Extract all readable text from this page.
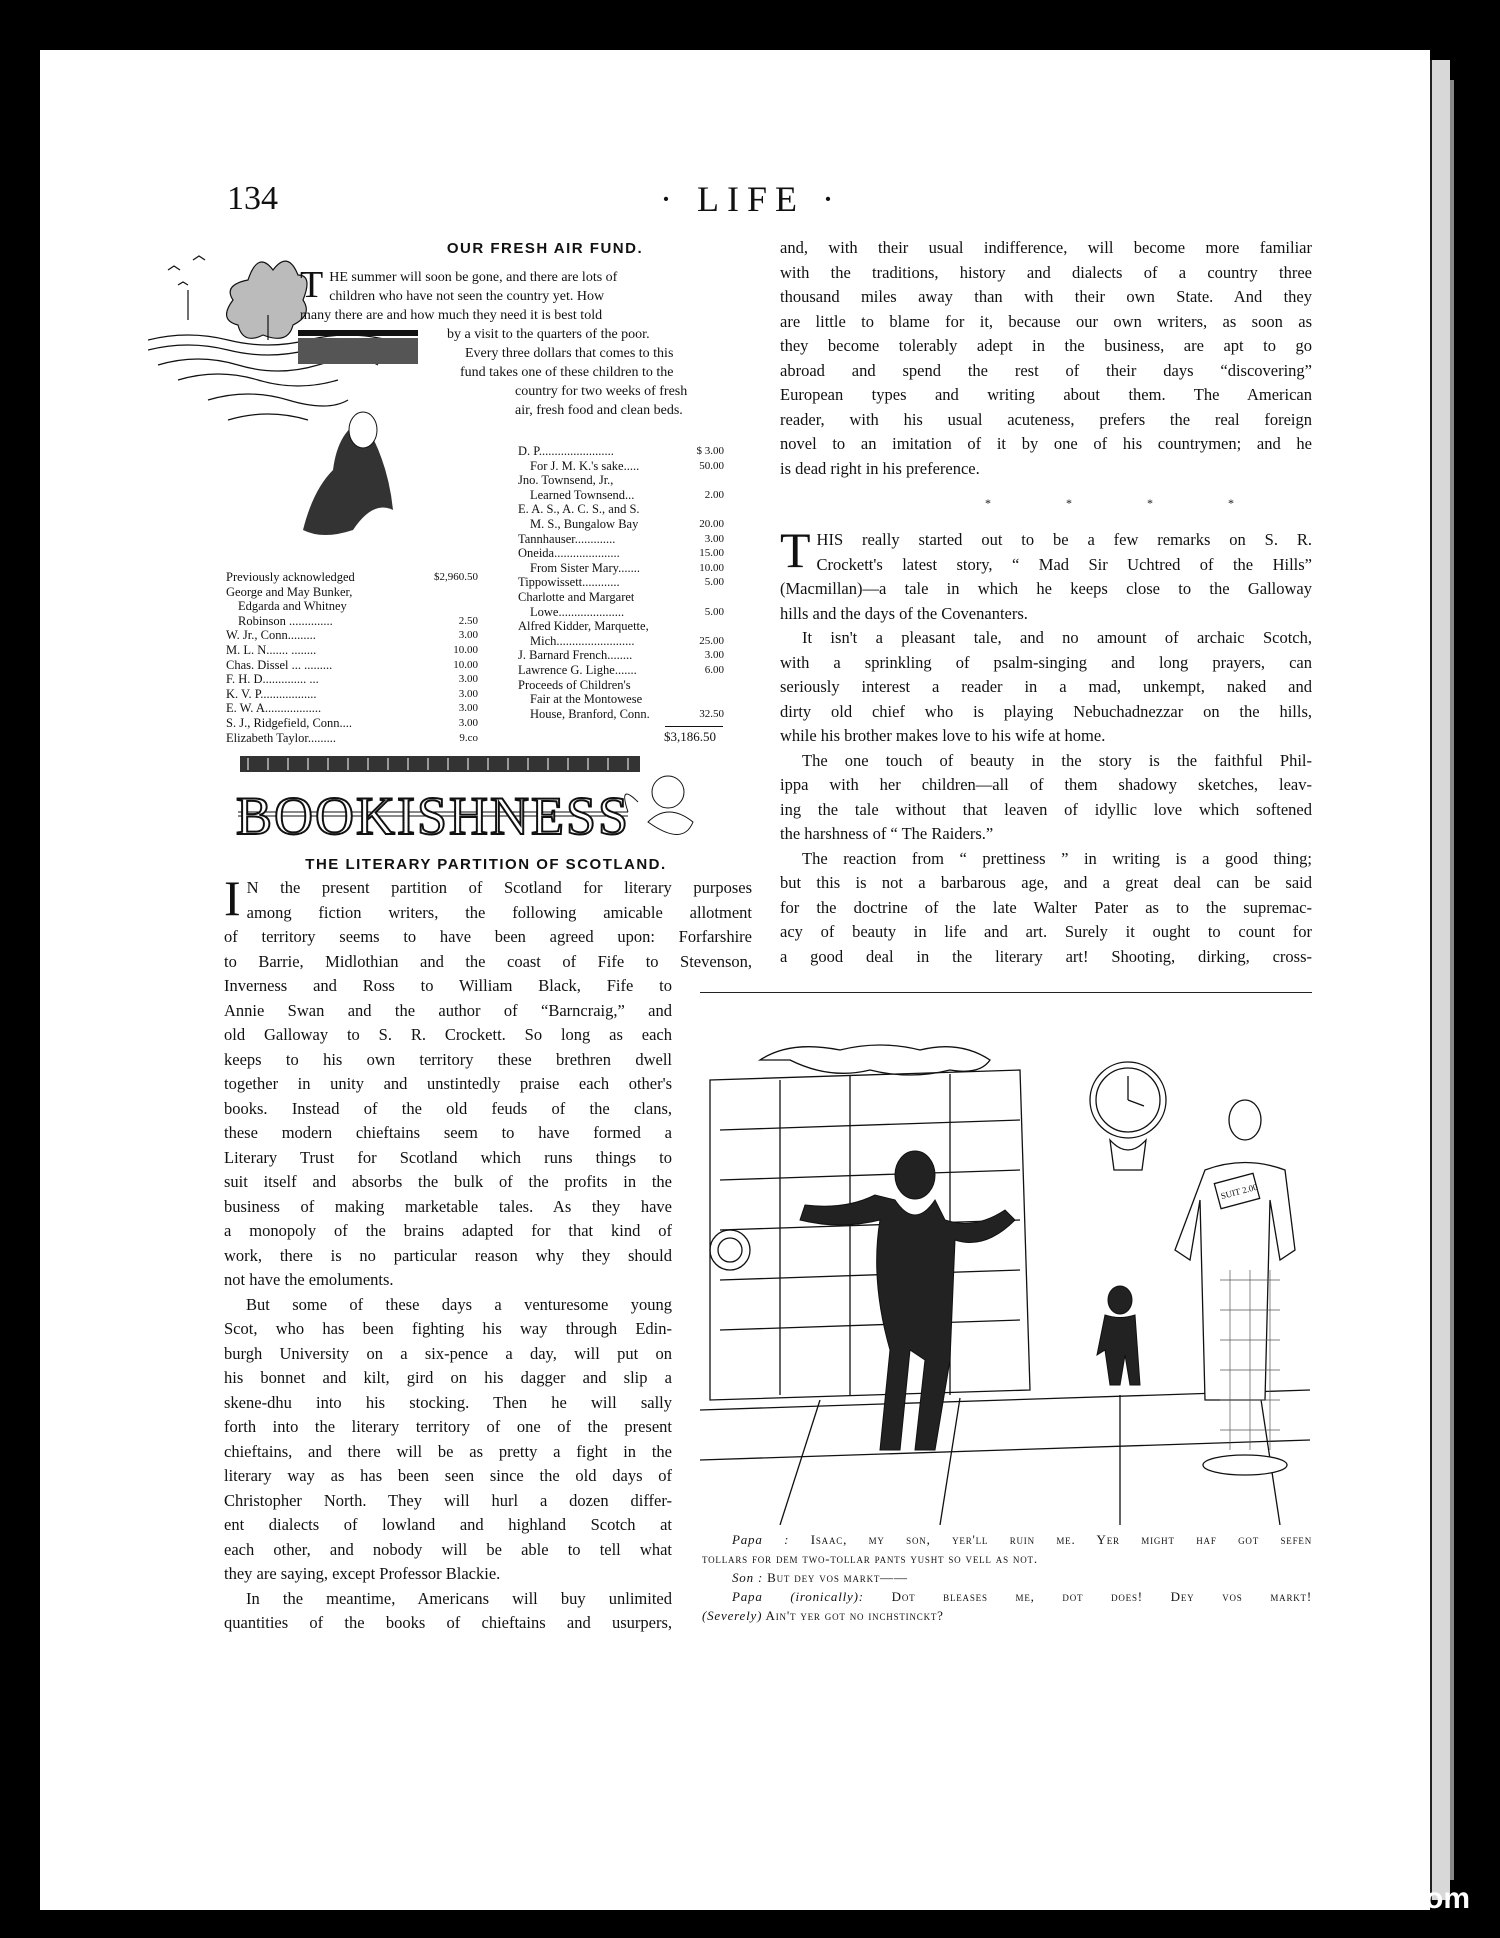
134	· LIFE ·
OUR FRESH AIR FUND.
T HE summer will soon be gone, and there are lots of
children who have not seen the country yet. How
many there are and how much they need it is best told
by a visit to the quarters of the poor.
Every three dollars that comes to this
fund takes one of these children to the
country for two weeks of fresh
air, fresh food and clean beds.
Previously acknowledged	$2,960.50
George and May Bunker,
Edgarda and Whitney
Robinson ..............	2.50
W. Jr., Conn.........	3.00
M. L. N....... ........	10.00
Chas. Dissel ... .........	10.00
F. H. D.............. ...	3.00
K. V. P..................	3.00
E. W. A..................	3.00
S. J., Ridgefield, Conn....	3.00
Elizabeth Taylor.........	9.co
D. P........................	$ 3.00
For J. M. K.'s sake.....	50.00
Jno. Townsend, Jr.,
Learned Townsend...	2.00
E. A. S., A. C. S., and S.
M. S., Bungalow Bay	20.00
Tannhauser.............	3.00
Oneida.....................	15.00
From Sister Mary.......	10.00
Tippowissett............	5.00
Charlotte and Margaret
Lowe.....................	5.00
Alfred Kidder, Marquette,
Mich.........................	25.00
J. Barnard French........	3.00
Lawrence G. Lighe.......	6.00
Proceeds of Children's
Fair at the Montowese
House, Branford, Conn.	32.50
$3,186.50
BOOKISHNESS
THE LITERARY PARTITION OF SCOTLAND.
I N the present partition of Scotland for literary purposes
among fiction writers, the following amicable allotment
of territory seems to have been agreed upon: Forfarshire
to Barrie, Midlothian and the coast of Fife to Stevenson,
Inverness and Ross to William Black, Fife to
Annie Swan and the author of “Barncraig,” and
old Galloway to S. R. Crockett. So long as each
keeps to his own territory these brethren dwell
together in unity and unstintedly praise each other's
books. Instead of the old feuds of the clans,
these modern chieftains seem to have formed a
Literary Trust for Scotland which runs things to
suit itself and absorbs the bulk of the profits in the
business of making marketable tales. As they have
a monopoly of the brains adapted for that kind of
work, there is no particular reason why they should
not have the emoluments.
But some of these days a venturesome young
Scot, who has been fighting his way through Edin-
burgh University on a six-pence a day, will put on
his bonnet and kilt, gird on his dagger and slip a
skene-dhu into his stocking. Then he will sally
forth into the literary territory of one of the present
chieftains, and there will be as pretty a fight in the
literary way as has been seen since the old days of
Christopher North. They will hurl a dozen differ-
ent dialects of lowland and highland Scotch at
each other, and nobody will be able to tell what
they are saying, except Professor Blackie.
In the meantime, Americans will buy unlimited
quantities of the books of chieftains and usurpers,
and, with their usual indifference, will become more familiar
with the traditions, history and dialects of a country three
thousand miles away than with their own State. And they
are little to blame for it, because our own writers, as soon as
they become tolerably adept in the business, are apt to go
abroad and spend the rest of their days “discovering”
European types and writing about them. The American
reader, with his usual acuteness, prefers the real foreign
novel to an imitation of it by one of his countrymen; and he
is dead right in his preference.
* * * *
T HIS really started out to be a few remarks on S. R.
Crockett's latest story, “ Mad Sir Uchtred of the Hills”
(Macmillan)—a tale in which he keeps close to the Galloway
hills and the days of the Covenanters.
It isn't a pleasant tale, and no amount of archaic Scotch,
with a sprinkling of psalm-singing and long prayers, can
seriously interest a reader in a mad, unkempt, naked and
dirty old chief who is playing Nebuchadnezzar on the hills,
while his brother makes love to his wife at home.
The one touch of beauty in the story is the faithful Phil-
ippa with her children—all of them shadowy sketches, leav-
ing the tale without that leaven of idyllic love which softened
the harshness of “ The Raiders.”
The reaction from “ prettiness ” in writing is a good thing;
but this is not a barbarous age, and a great deal can be said
for the doctrine of the late Walter Pater as to the supremac-
acy of beauty in life and art. Surely it ought to count for
a good deal in the literary art! Shooting, dirking, cross-
SUIT 2.00
Papa : Isaac, my son, yer'll ruin me. Yer might haf got sefen
tollars for dem two-tollar pants yusht so vell as not.
Son : But dey vos markt——
Papa (ironically): Dot bleases me, dot does! Dey vos markt!
(Severely) Ain't yer got no inchstinckt?
comicbooks.com
